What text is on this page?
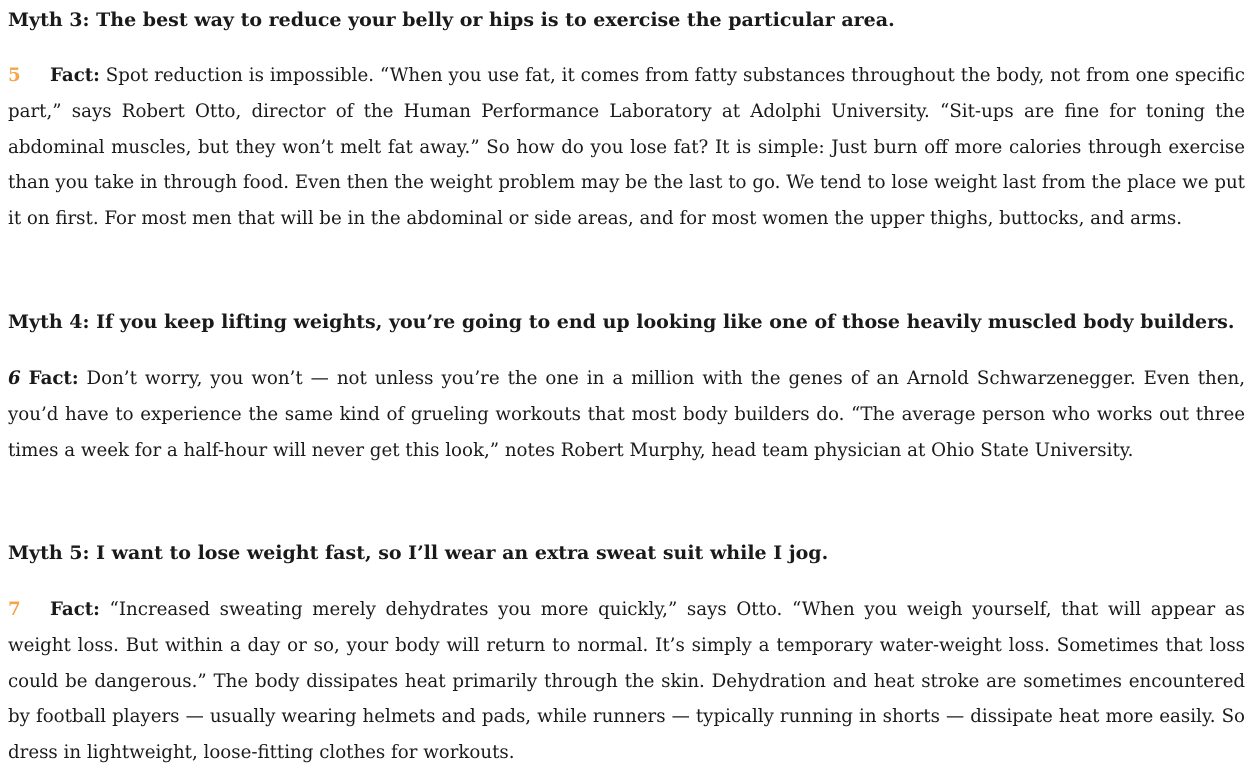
Myth 3: The best way to reduce your belly or hips is to exercise the particular area.

5 Fact: Spot reduction is impossible. “When you use fat, it comes from fatty substances throughout the body, not from one specific part,” says Robert Otto, director of the Human Performance Laboratory at Adolphi University. “Sit-ups are fine for toning the abdominal muscles, but they won’t melt fat away.” So how do you lose fat? It is simple: Just burn off more calories through exercise than you take in through food. Even then the weight problem may be the last to go. We tend to lose weight last from the place we put it on first. For most men that will be in the abdominal or side areas, and for most women the upper thighs, buttocks, and arms.

Myth 4: If you keep lifting weights, you’re going to end up looking like one of those heavily muscled body builders.

6 Fact: Don’t worry, you won’t — not unless you’re the one in a million with the genes of an Arnold Schwarzenegger. Even then, you’d have to experience the same kind of grueling workouts that most body builders do. “The average person who works out three times a week for a half-hour will never get this look,” notes Robert Murphy, head team physician at Ohio State University.

Myth 5: I want to lose weight fast, so I’ll wear an extra sweat suit while I jog.

7 Fact: “Increased sweating merely dehydrates you more quickly,” says Otto. “When you weigh yourself, that will appear as weight loss. But within a day or so, your body will return to normal. It’s simply a temporary water-weight loss. Sometimes that loss could be dangerous.” The body dissipates heat primarily through the skin. Dehydration and heat stroke are sometimes encountered by football players — usually wearing helmets and pads, while runners — typically running in shorts — dissipate heat more easily. So dress in lightweight, loose-fitting clothes for workouts.
